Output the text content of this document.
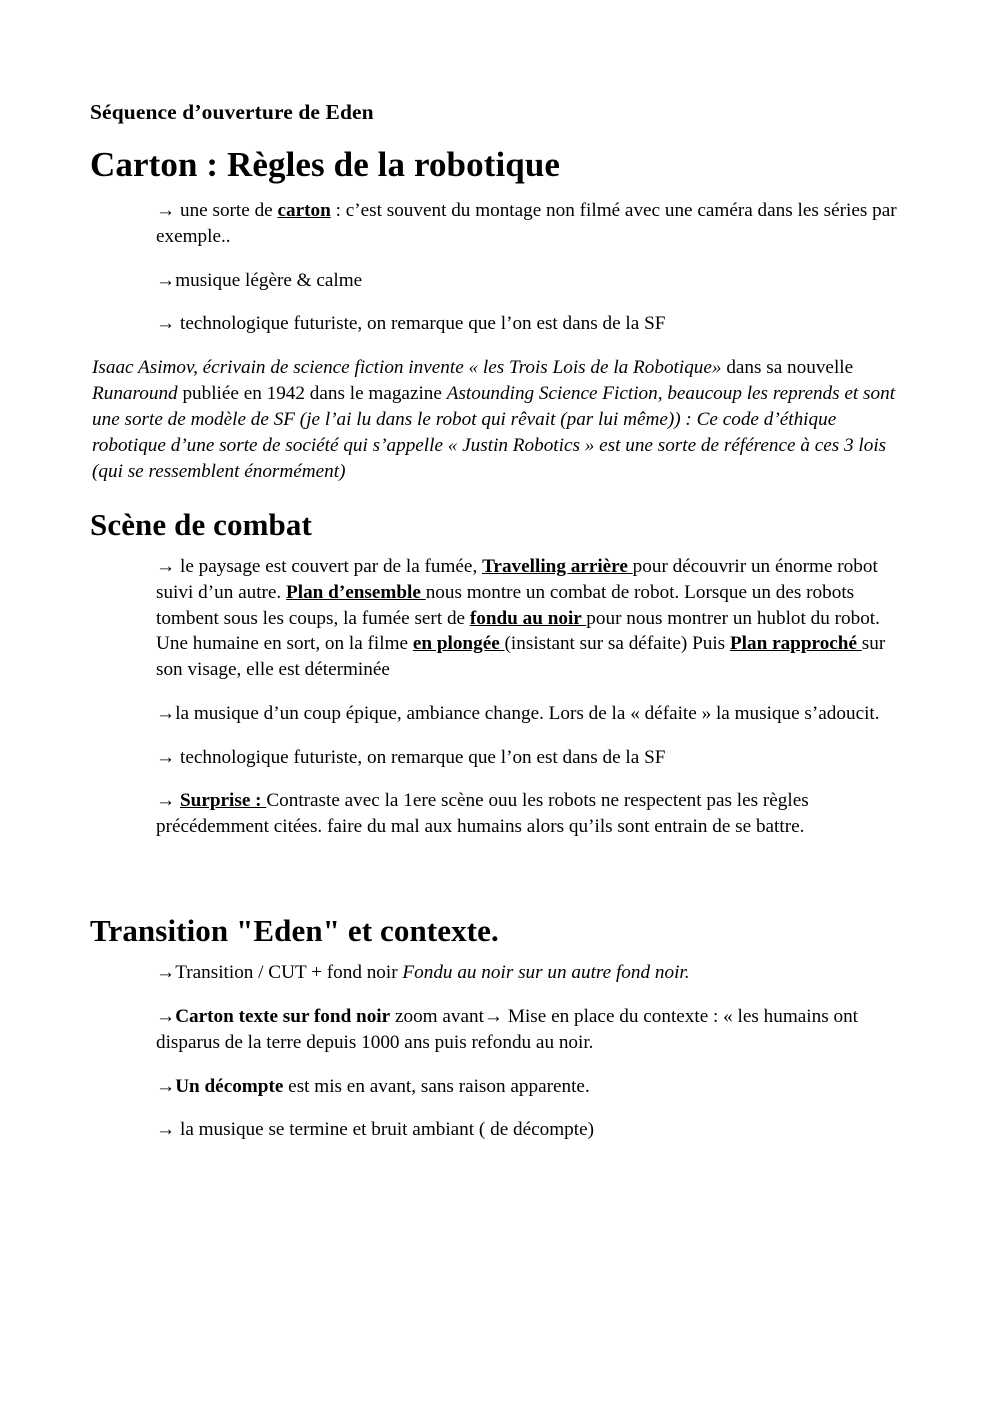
Séquence d’ouverture de Eden
Carton : Règles de la robotique

→ une sorte de carton : c’est souvent du montage non filmé avec une caméra dans les séries par exemple..

→musique légère & calme

→ technologique futuriste, on remarque que l’on est dans de la SF

Isaac Asimov, écrivain de science fiction invente « les Trois Lois de la Robotique» dans sa nouvelle Runaround publiée en 1942 dans le magazine Astounding Science Fiction, beaucoup les reprends et sont une sorte de modèle de SF (je l’ai lu dans le robot qui rêvait (par lui même)) : Ce code d’éthique robotique d’une sorte de société qui s’appelle « Justin Robotics » est une sorte de référence à ces 3 lois (qui se ressemblent énormément)

Scène de combat

→ le paysage est couvert par de la fumée, Travelling arrière pour découvrir un énorme robot suivi d’un autre. Plan d’ensemble nous montre un combat de robot. Lorsque un des robots tombent sous les coups, la fumée sert de fondu au noir pour nous montrer un hublot du robot. Une humaine en sort, on la filme en plongée (insistant sur sa défaite) Puis Plan rapproché sur son visage, elle est déterminée

→la musique d’un coup épique, ambiance change. Lors de la « défaite » la musique s’adoucit.

→ technologique futuriste, on remarque que l’on est dans de la SF

→ Surprise : Contraste avec la 1ere scène ouu les robots ne respectent pas les règles précédemment citées. faire du mal aux humains alors qu’ils sont entrain de se battre.

Transition "Eden" et contexte.

→Transition / CUT + fond noir Fondu au noir sur un autre fond noir.

→Carton texte sur fond noir zoom avant→ Mise en place du contexte : « les humains ont disparus de la terre depuis 1000 ans puis refondu au noir.

→Un décompte est mis en avant, sans raison apparente.

→ la musique se termine et bruit ambiant ( de décompte)
